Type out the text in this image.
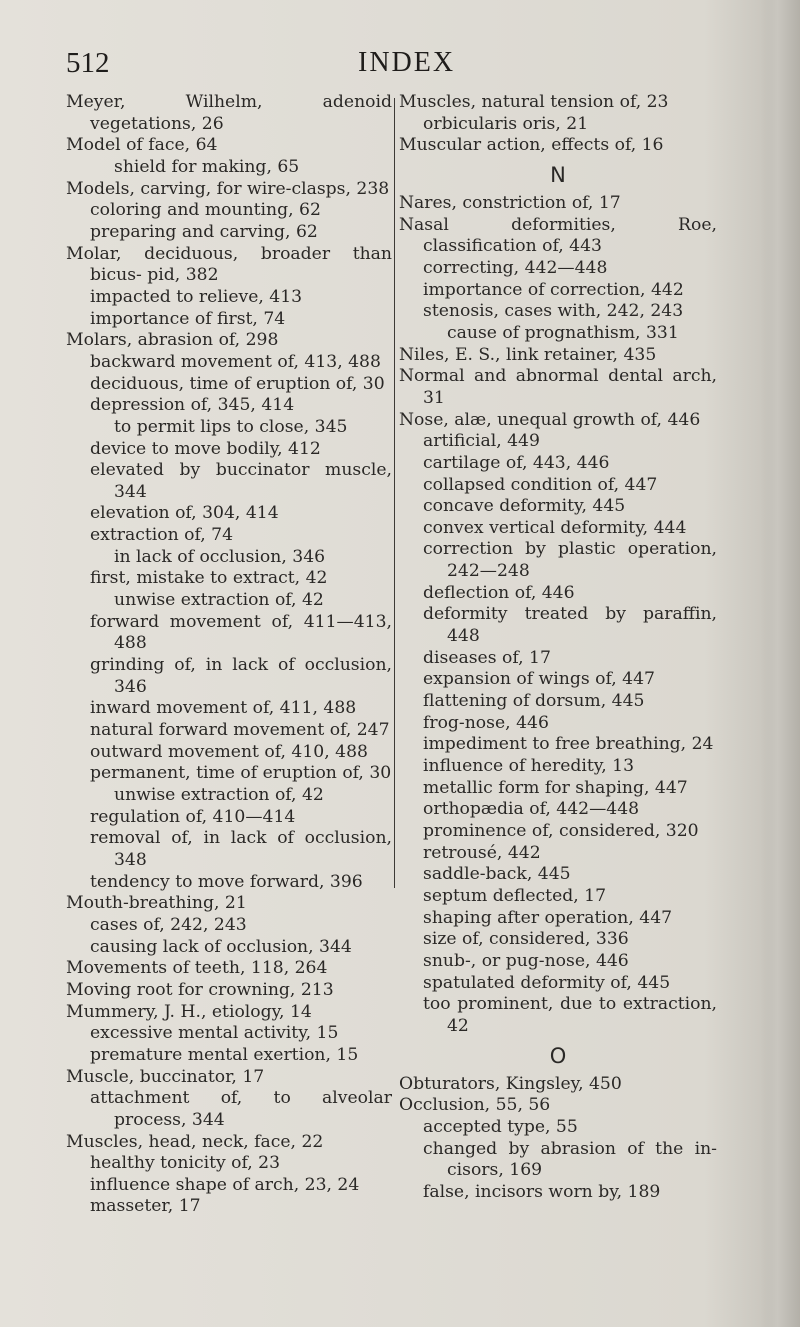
512	INDEX
Meyer, Wilhelm, adenoid vegetations, 26
Model of face, 64
shield for making, 65
Models, carving, for wire-clasps, 238
coloring and mounting, 62
preparing and carving, 62
Molar, deciduous, broader than bicus- pid, 382
impacted to relieve, 413
importance of first, 74
Molars, abrasion of, 298
backward movement of, 413, 488
deciduous, time of eruption of, 30
depression of, 345, 414
to permit lips to close, 345
device to move bodily, 412
elevated by buccinator muscle, 344
elevation of, 304, 414
extraction of, 74
in lack of occlusion, 346
first, mistake to extract, 42
unwise extraction of, 42
forward movement of, 411—413, 488
grinding of, in lack of occlusion, 346
inward movement of, 411, 488
natural forward movement of, 247
outward movement of, 410, 488
permanent, time of eruption of, 30
unwise extraction of, 42
regulation of, 410—414
removal of, in lack of occlusion, 348
tendency to move forward, 396
Mouth-breathing, 21
cases of, 242, 243
causing lack of occlusion, 344
Movements of teeth, 118, 264
Moving root for crowning, 213
Mummery, J. H., etiology, 14
excessive mental activity, 15
premature mental exertion, 15
Muscle, buccinator, 17
attachment of, to alveolar process, 344
Muscles, head, neck, face, 22
healthy tonicity of, 23
influence shape of arch, 23, 24
masseter, 17
Muscles, natural tension of, 23
orbicularis oris, 21
Muscular action, effects of, 16
N
Nares, constriction of, 17
Nasal deformities, Roe, classification of, 443
correcting, 442—448
importance of correction, 442
stenosis, cases with, 242, 243
cause of prognathism, 331
Niles, E. S., link retainer, 435
Normal and abnormal dental arch, 31
Nose, alæ, unequal growth of, 446
artificial, 449
cartilage of, 443, 446
collapsed condition of, 447
concave deformity, 445
convex vertical deformity, 444
correction by plastic operation, 242—248
deflection of, 446
deformity treated by paraffin, 448
diseases of, 17
expansion of wings of, 447
flattening of dorsum, 445
frog-nose, 446
impediment to free breathing, 24
influence of heredity, 13
metallic form for shaping, 447
orthopædia of, 442—448
prominence of, considered, 320
retrousé, 442
saddle-back, 445
septum deflected, 17
shaping after operation, 447
size of, considered, 336
snub-, or pug-nose, 446
spatulated deformity of, 445
too prominent, due to extraction, 42
O
Obturators, Kingsley, 450
Occlusion, 55, 56
accepted type, 55
changed by abrasion of the in- cisors, 169
false, incisors worn by, 189
